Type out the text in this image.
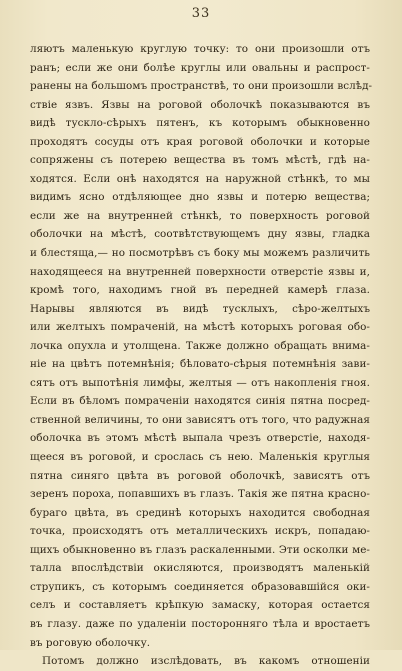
33
ляютъ маленькую круглую точку: то они произошли отъ
ранъ; если же они болѣе круглы или овальны и распрост-
ранены на большомъ пространствѣ, то они произошли вслѣд-
ствіе язвъ. Язвы на роговой оболочкѣ показываются въ
видѣ тускло-сѣрыхъ пятенъ, къ которымъ обыкновенно
проходятъ сосуды отъ края роговой оболочки и которые
сопряжены съ потерею вещества въ томъ мѣстѣ, гдѣ на-
ходятся. Если онѣ находятся на наружной стѣнкѣ, то мы
видимъ ясно отдѣляющее дно язвы и потерю вещества;
если же на внутренней стѣнкѣ, то поверхность роговой
оболочки на мѣстѣ, соотвѣтствующемъ дну язвы, гладка
и блестяща,— но посмотрѣвъ съ боку мы можемъ различить
находящееся на внутренней поверхности отверстіе язвы и,
кромѣ того, находимъ гной въ передней камерѣ глаза.
Нарывы являются въ видѣ тусклыхъ, сѣро-желтыхъ
или желтыхъ помраченій, на мѣстѣ которыхъ роговая обо-
лочка опухла и утолщена. Также должно обращать внима-
ніе на цвѣтъ потемнѣнія; бѣловато-сѣрыя потемнѣнія зави-
сятъ отъ выпотѣнія лимфы, желтыя — отъ накопленія гноя.
Если въ бѣломъ помраченіи находятся синія пятна посред-
ственной величины, то они зависятъ отъ того, что радужная
оболочка въ этомъ мѣстѣ выпала чрезъ отверстіе, находя-
щееся въ роговой, и срослась съ нею. Маленькія круглыя
пятна синяго цвѣта въ роговой оболочкѣ, зависятъ отъ
зеренъ пороха, попавшихъ въ глазъ. Такія же пятна красно-
бураго цвѣта, въ срединѣ которыхъ находится свободная
точка, происходятъ отъ металлическихъ искръ, попадаю-
щихъ обыкновенно въ глазъ раскаленными. Эти осколки ме-
талла впослѣдствіи окисляются, производятъ маленькій
струпикъ, съ которымъ соединяется образовавшійся оки-
селъ и составляетъ крѣпкую замаску, которая остается
въ глазу. даже по удаленіи посторонняго тѣла и вростаетъ
въ роговую оболочку.
Потомъ должно изслѣдовать, въ какомъ отношеніи
